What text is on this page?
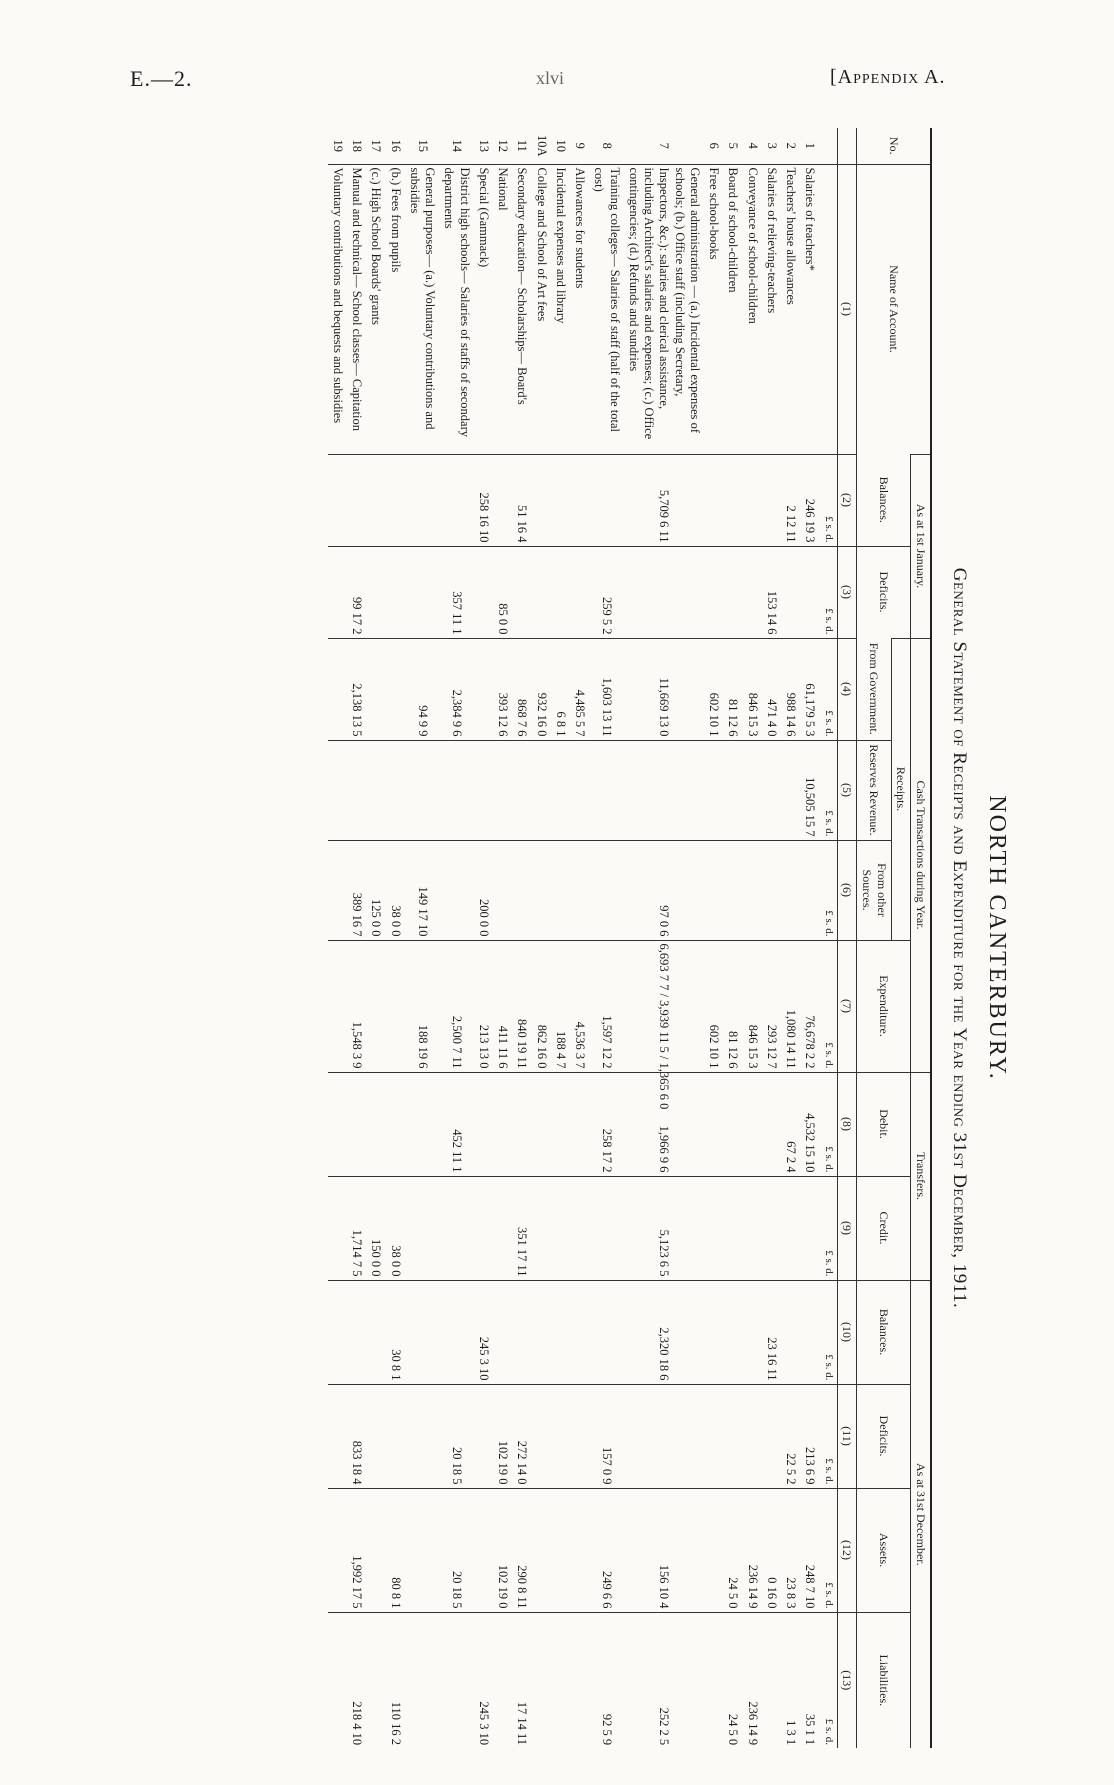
E.—2.	xlvi	[Appendix A.
NORTH CANTERBURY.
General Statement of Receipts and Expenditure for the Year ending 31st December, 1911.
No.	Name of Account.	As at 1st January.		Cash Transactions during Year.				Transfers.		As at 31st December.			
		Balances.	Deficits.	Receipts.			Expenditure.	Debit.	Credit.	Balances.	Deficits.	Assets.	Liabilities.
				From Government.	Reserves Revenue.	From other Sources.							
	(1)	(2)	(3)	(4)	(5)	(6)	(7)	(8)	(9)	(10)	(11)	(12)	(13)
		£ s. d.	£ s. d.	£ s. d.	£ s. d.	£ s. d.	£ s. d.	£ s. d.	£ s. d.	£ s. d.	£ s. d.	£ s. d.	£ s. d.
1	Salaries of teachers*	246 19 3		61,179 5 3	10,505 15 7		76,678 2 2	4,532 15 10			213 6 9	248 7 10	35 1 1
2	Teachers' house allowances	2 12 11		988 14 6			1,080 14 11	67 2 4			22 5 2	23 8 3	1 3 1
3	Salaries of relieving-teachers		153 14 6	471 4 0			293 12 7			23 16 11		0 16 0	
4	Conveyance of school-children			846 15 3			846 15 3					236 14 9	236 14 9
5	Board of school-children			81 12 6			81 12 6					24 5 0	24 5 0
6	Free school-books			602 10 1			602 10 1						
7	General administration — (a.) Incidental expenses of schools; (b.) Office staff (including Secretary, Inspectors, &c.): salaries and clerical assistance, including Architect's salaries and expenses; (c.) Office contingencies; (d.) Refunds and sundries	5,709 6 11		11,669 13 0		97 0 6	6,693 7 7 / 3,939 11 5 / 1,365 6 0	1,966 9 6	5,123 6 5	2,320 18 6		156 10 4	252 2 5
8	Training colleges— Salaries of staff (half of the total cost)		259 5 2	1,603 13 11			1,597 12 2	258 17 2			157 0 9	249 6 6	92 5 9
9	Allowances for students			4,485 5 7			4,536 3 7						
10	Incidental expenses and library			6 8 1			188 4 7						
10A	College and School of Art fees			932 16 0			862 16 0						
11	Secondary education— Scholarships— Board's	51 16 4		868 7 6			840 19 11		351 17 11		272 14 0	290 8 11	17 14 11
12	National		85 0 0	393 12 6			411 11 6				102 19 0	102 19 0	
13	Special (Gammack)	258 16 10				200 0 0	213 13 0			245 3 10			245 3 10
14	District high schools— Salaries of staffs of secondary departments		357 11 1	2,384 9 6			2,500 7 11	452 11 1			20 18 5	20 18 5	
15	General purposes— (a.) Voluntary contributions and subsidies			94 9 9		149 17 10	188 19 6						
16	(b.) Fees from pupils					38 0 0			38 0 0	30 8 1		80 8 1	110 16 2
17	(c.) High School Boards' grants					125 0 0			150 0 0				
18	Manual and technical— School classes— Capitation		99 17 2	2,138 13 5		389 16 7	1,548 3 9		1,714 7 5		833 18 4	1,992 17 5	218 4 10
19	Voluntary contributions and bequests and subsidies												
